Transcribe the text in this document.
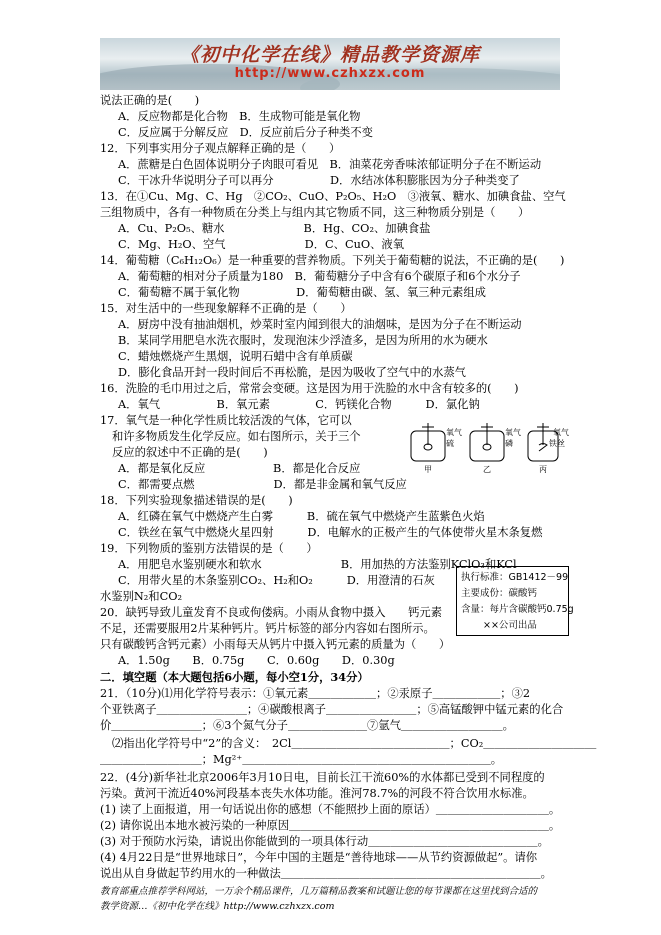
《初中化学在线》精品教学资源库
http://www.czhxzx.com
说法正确的是(　　)
A．反应物都是化合物　B．生成物可能是氧化物
C．反应属于分解反应　D．反应前后分子种类不变
12．下列事实用分子观点解释正确的是（　　）
A．蔗糖是白色固体说明分子肉眼可看见　B．油菜花旁香味浓郁证明分子在不断运动
C．干冰升华说明分子可以再分　　　　　D．水结冰体积膨胀因为分子种类变了
13．在①Cu、Mg、C、Hg　②CO₂、CuO、P₂O₅、H₂O　③液氧、糖水、加碘食盐、空气
三组物质中，各有一种物质在分类上与组内其它物质不同，这三种物质分别是（　　）
A．Cu、P₂O₅、糖水　　　　　　　B．Hg、CO₂、加碘食盐
C．Mg、H₂O、空气　　　　　　　D．C、CuO、液氧
14．葡萄糖（C₆H₁₂O₆）是一种重要的营养物质。下列关于葡萄糖的说法，不正确的是(　　)
A．葡萄糖的相对分子质量为180　B．葡萄糖分子中含有6个碳原子和6个水分子
C．葡萄糖不属于氧化物　　　　　D．葡萄糖由碳、氢、氧三种元素组成
15．对生活中的一些现象解释不正确的是（　　）
A．厨房中没有抽油烟机，炒菜时室内闻到很大的油烟味，是因为分子在不断运动
B．某同学用肥皂水洗衣服时，发现泡沫少浮渣多，是因为所用的水为硬水
C．蜡烛燃烧产生黑烟，说明石蜡中含有单质碳
D．膨化食品开封一段时间后不再松脆，是因为吸收了空气中的水蒸气
16．洗脸的毛巾用过之后，常常会变硬。这是因为用于洗脸的水中含有较多的(　　)
A．氧气　　　　　B．氧元素　　　　C．钙镁化合物　　　D．氯化钠
17．氧气是一种化学性质比较活泼的气体，它可以
和许多物质发生化学反应。如右图所示，关于三个
反应的叙述中不正确的是(　　)
A．都是氧化反应　　　　　　B．都是化合反应
C．都需要点燃　　　　　　　D．都是非金属和氧气反应
18．下列实验现象描述错误的是(　　)
A．红磷在氧气中燃烧产生白雾　　　B．硫在氧气中燃烧产生蓝紫色火焰
C．铁丝在氧气中燃烧火星四射　　　D．电解水的正极产生的气体使带火星木条复燃
19．下列物质的鉴别方法错误的是（　　）
A．用肥皂水鉴别硬水和软水　　　　　　　B．用加热的方法鉴别KClO₃和KCl
C．用带火星的木条鉴别CO₂、H₂和O₂　　　D．用澄清的石灰
水鉴别N₂和CO₂
20．缺钙导致儿童发育不良或佝偻病。小雨从食物中摄入　　钙元素
不足，还需要服用2片某种钙片。钙片标签的部分内容如右图所示。
只有碳酸钙含钙元素）小雨每天从钙片中摄入钙元素的质量为（　　）
A．1.50g　　B．0.75g　　C．0.60g　　D．0.30g
二．填空题（本大题包括6小题，每小空1分，34分）
21．（10分)⑴用化学符号表示：①氧元素＿＿＿＿＿＿；②汞原子＿＿＿＿＿＿；③2
个亚铁离子＿＿＿＿＿＿＿＿；④碳酸根离子＿＿＿＿＿＿＿＿；⑤高锰酸钾中锰元素的化合
价＿＿＿＿＿＿＿＿；⑥3个氮气分子＿＿＿＿＿＿＿⑦氩气＿＿＿＿＿＿＿＿＿。
⑵指出化学符号中“2”的含义：　2Cl＿＿＿＿＿＿＿＿＿＿＿＿＿＿；CO₂＿＿＿＿＿＿＿＿＿＿
＿＿＿＿＿＿＿＿＿；Mg²⁺＿＿＿＿＿＿＿＿＿＿＿＿＿＿＿＿＿＿＿＿＿＿。
22．(4分)新华社北京2006年3月10日电，目前长江干流60%的水体都已受到不同程度的
污染。黄河干流近40%河段基本丧失水体功能。淮河78.7%的河段不符合饮用水标准。
(1) 读了上面报道，用一句话说出你的感想（不能照抄上面的原话）＿＿＿＿＿＿＿＿＿＿。
(2) 请你说出本地水被污染的一种原因＿＿＿＿＿＿＿＿＿＿＿＿＿＿＿＿＿＿＿＿＿＿＿。
(3) 对于预防水污染，请说出你能做到的一项具体行动＿＿＿＿＿＿＿＿＿＿＿＿＿＿＿。
(4) 4月22日是“世界地球日”，今年中国的主题是“善待地球——从节约资源做起”。请你
说出从自身做起节约用水的一种做法＿＿＿＿＿＿＿＿＿＿＿＿＿＿＿＿＿＿＿＿＿＿＿。
氧气
硫
甲
氧气
磷
乙
氧气
铁丝
丙
执行标准：GB1412－99
主要成份：碳酸钙
含量：每片含碳酸钙0.75g
××公司出品
教育部重点推荐学科网站，一万余个精品课件，几万篇精品教案和试题让您的每节课都在这里找到合适的
教学资源…《初中化学在线》http://www.czhxzx.com
